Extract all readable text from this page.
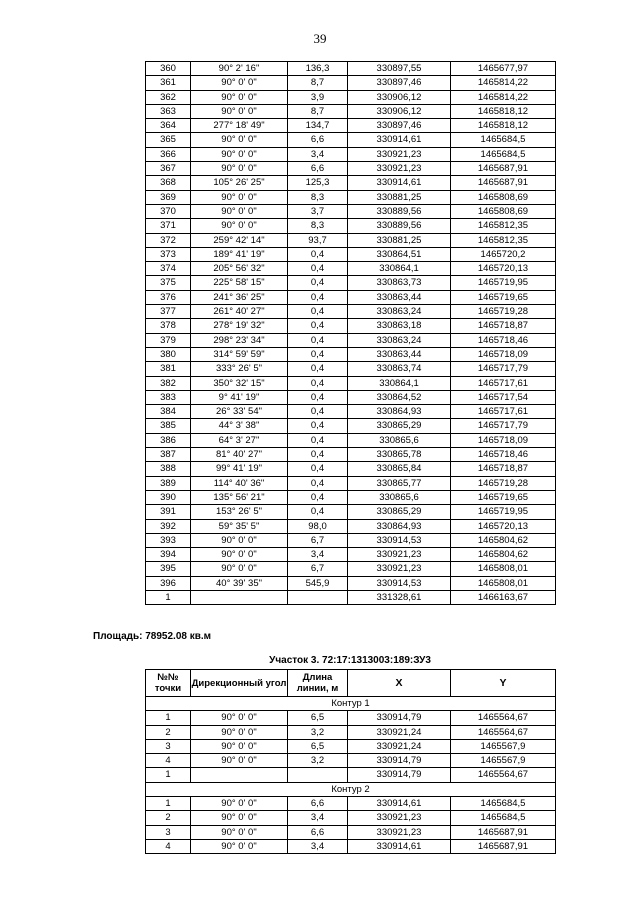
39
360	90° 2' 16"	136,3	330897,55	1465677,97
361	90° 0' 0"	8,7	330897,46	1465814,22
362	90° 0' 0"	3,9	330906,12	1465814,22
363	90° 0' 0"	8,7	330906,12	1465818,12
364	277° 18' 49"	134,7	330897,46	1465818,12
365	90° 0' 0"	6,6	330914,61	1465684,5
366	90° 0' 0"	3,4	330921,23	1465684,5
367	90° 0' 0"	6,6	330921,23	1465687,91
368	105° 26' 25"	125,3	330914,61	1465687,91
369	90° 0' 0"	8,3	330881,25	1465808,69
370	90° 0' 0"	3,7	330889,56	1465808,69
371	90° 0' 0"	8,3	330889,56	1465812,35
372	259° 42' 14"	93,7	330881,25	1465812,35
373	189° 41' 19"	0,4	330864,51	1465720,2
374	205° 56' 32"	0,4	330864,1	1465720,13
375	225° 58' 15"	0,4	330863,73	1465719,95
376	241° 36' 25"	0,4	330863,44	1465719,65
377	261° 40' 27"	0,4	330863,24	1465719,28
378	278° 19' 32"	0,4	330863,18	1465718,87
379	298° 23' 34"	0,4	330863,24	1465718,46
380	314° 59' 59"	0,4	330863,44	1465718,09
381	333° 26' 5"	0,4	330863,74	1465717,79
382	350° 32' 15"	0,4	330864,1	1465717,61
383	9° 41' 19"	0,4	330864,52	1465717,54
384	26° 33' 54"	0,4	330864,93	1465717,61
385	44° 3' 38"	0,4	330865,29	1465717,79
386	64° 3' 27"	0,4	330865,6	1465718,09
387	81° 40' 27"	0,4	330865,78	1465718,46
388	99° 41' 19"	0,4	330865,84	1465718,87
389	114° 40' 36"	0,4	330865,77	1465719,28
390	135° 56' 21"	0,4	330865,6	1465719,65
391	153° 26' 5"	0,4	330865,29	1465719,95
392	59° 35' 5"	98,0	330864,93	1465720,13
393	90° 0' 0"	6,7	330914,53	1465804,62
394	90° 0' 0"	3,4	330921,23	1465804,62
395	90° 0' 0"	6,7	330921,23	1465808,01
396	40° 39' 35"	545,9	330914,53	1465808,01
1			331328,61	1466163,67
Площадь: 78952.08 кв.м
Участок 3. 72:17:1313003:189:ЗУ3
№№ точки	Дирекционный угол	Длина линии, м	X	Y
Контур 1				
1	90° 0' 0"	6,5	330914,79	1465564,67
2	90° 0' 0"	3,2	330921,24	1465564,67
3	90° 0' 0"	6,5	330921,24	1465567,9
4	90° 0' 0"	3,2	330914,79	1465567,9
1			330914,79	1465564,67
Контур 2				
1	90° 0' 0"	6,6	330914,61	1465684,5
2	90° 0' 0"	3,4	330921,23	1465684,5
3	90° 0' 0"	6,6	330921,23	1465687,91
4	90° 0' 0"	3,4	330914,61	1465687,91
